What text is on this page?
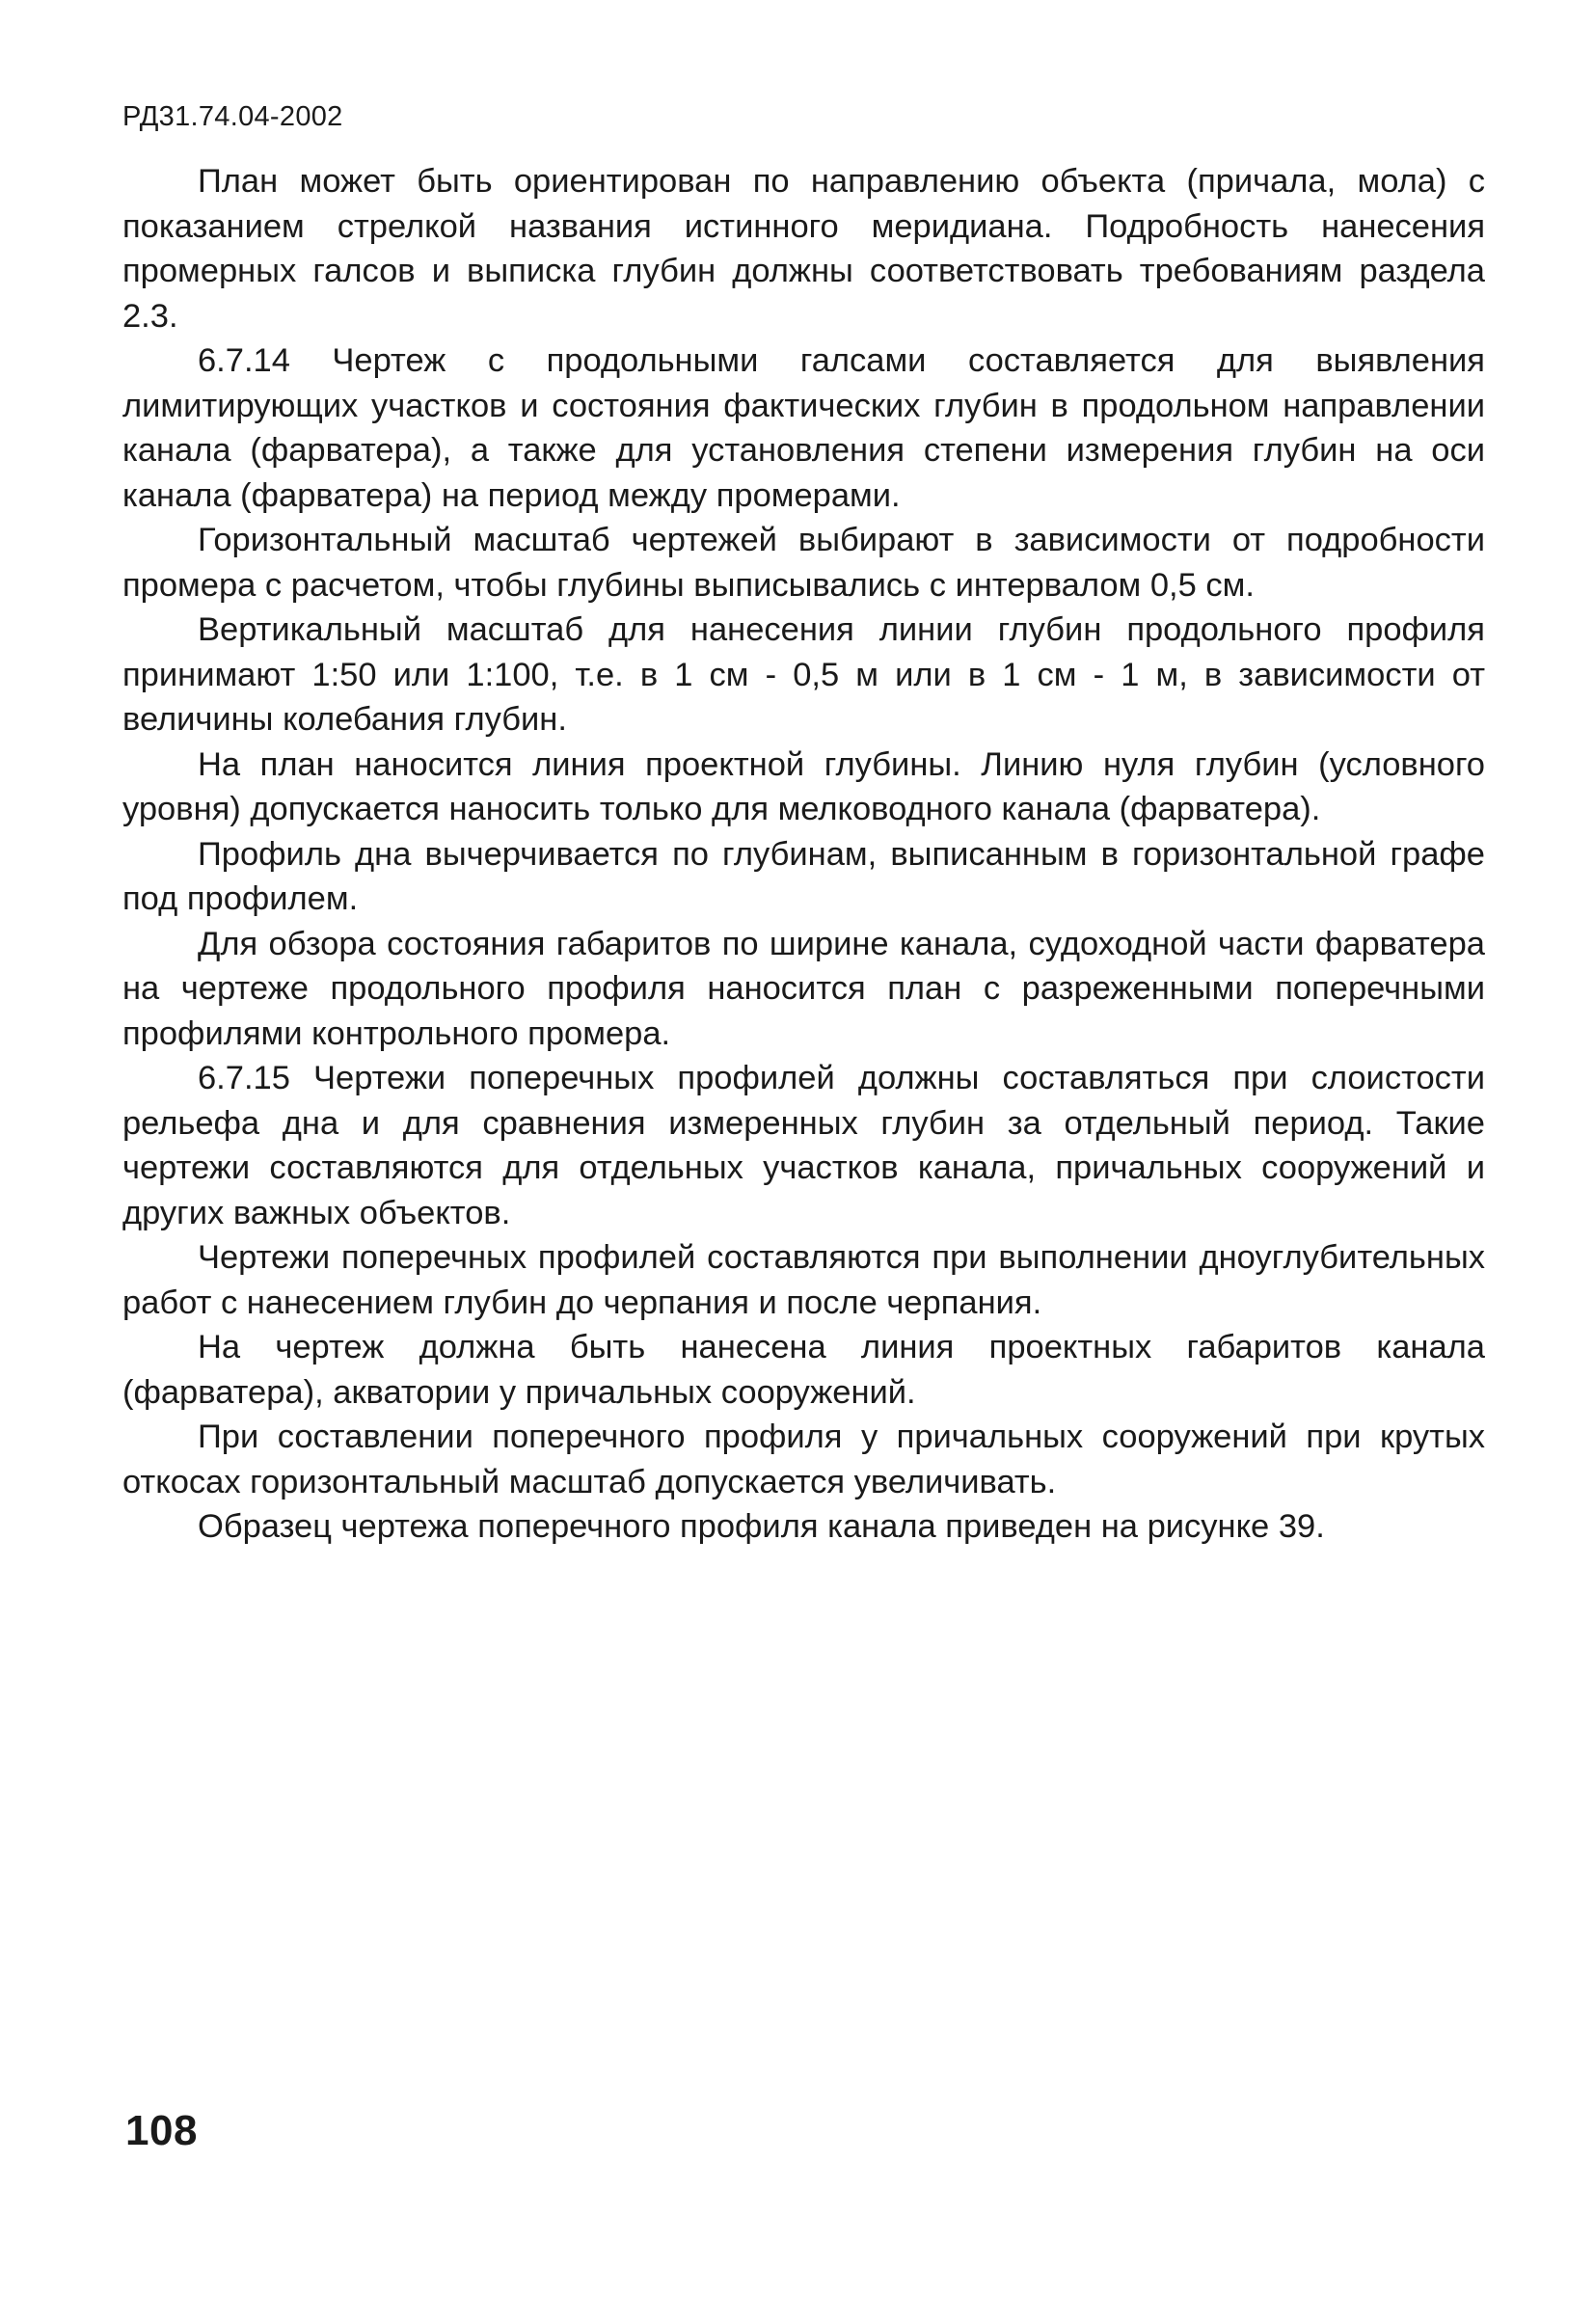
РД31.74.04-2002

План может быть ориентирован по направлению объекта (причала, мола) с показанием стрелкой названия истинного меридиана. Подробность нанесения промерных галсов и выписка глубин должны соответствовать требованиям раздела 2.3.

6.7.14 Чертеж с продольными галсами составляется для выявления лимитирующих участков и состояния фактических глубин в продольном направлении канала (фарватера), а также для установления степени измерения глубин на оси канала (фарватера) на период между промерами.

Горизонтальный масштаб чертежей выбирают в зависимости от подробности промера с расчетом, чтобы глубины выписывались с интервалом 0,5 см.

Вертикальный масштаб для нанесения линии глубин продольного профиля принимают 1:50 или 1:100, т.е. в 1 см - 0,5 м или в 1 см - 1 м, в зависимости от величины колебания глубин.

На план наносится линия проектной глубины. Линию нуля глубин (условного уровня) допускается наносить только для мелководного канала (фарватера).

Профиль дна вычерчивается по глубинам, выписанным в горизонтальной графе под профилем.

Для обзора состояния габаритов по ширине канала, судоходной части фарватера на чертеже продольного профиля наносится план с разреженными поперечными профилями контрольного промера.

6.7.15 Чертежи поперечных профилей должны составляться при слоистости рельефа дна и для сравнения измеренных глубин за отдельный период. Такие чертежи составляются для отдельных участков канала, причальных сооружений и других важных объектов.

Чертежи поперечных профилей составляются при выполнении дноуглубительных работ с нанесением глубин до черпания и после черпания.

На чертеж должна быть нанесена линия проектных габаритов канала (фарватера), акватории у причальных сооружений.

При составлении поперечного профиля у причальных сооружений при крутых откосах горизонтальный масштаб допускается увеличивать.

Образец чертежа поперечного профиля канала приведен на рисунке 39.

108
